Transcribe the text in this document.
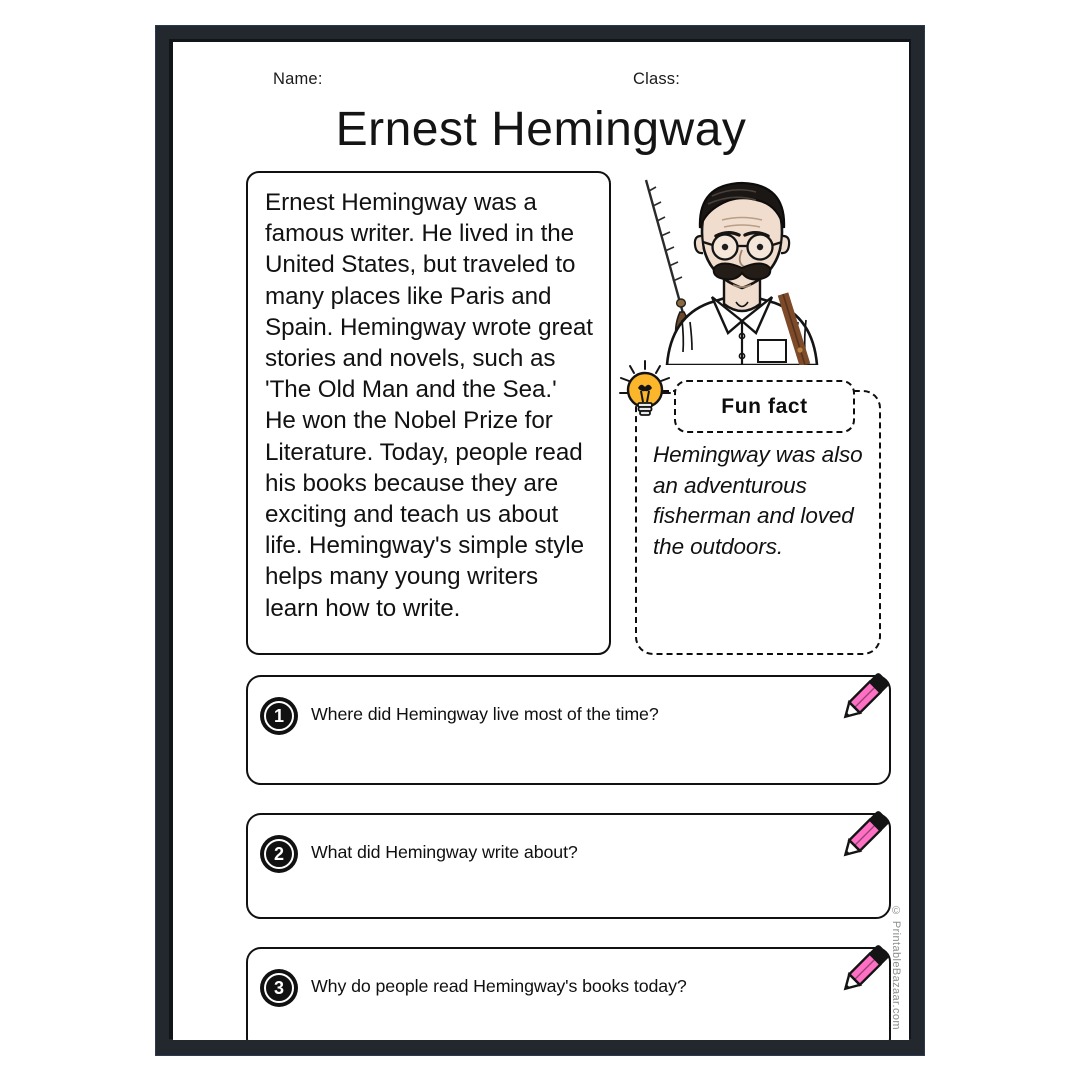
Name:	Class:
Ernest Hemingway
Ernest Hemingway was a famous writer. He lived in the United States, but traveled to many places like Paris and Spain. Hemingway wrote great stories and novels, such as 'The Old Man and the Sea.' He won the Nobel Prize for Literature. Today, people read his books because they are exciting and teach us about life. Hemingway's simple style helps many young writers learn how to write.
Hemingway was also an adventurous fisherman and loved the outdoors.
Fun fact
1 Where did Hemingway live most of the time?
2 What did Hemingway write about?
3 Why do people read Hemingway's books today?	© PrintableBazaar.com
